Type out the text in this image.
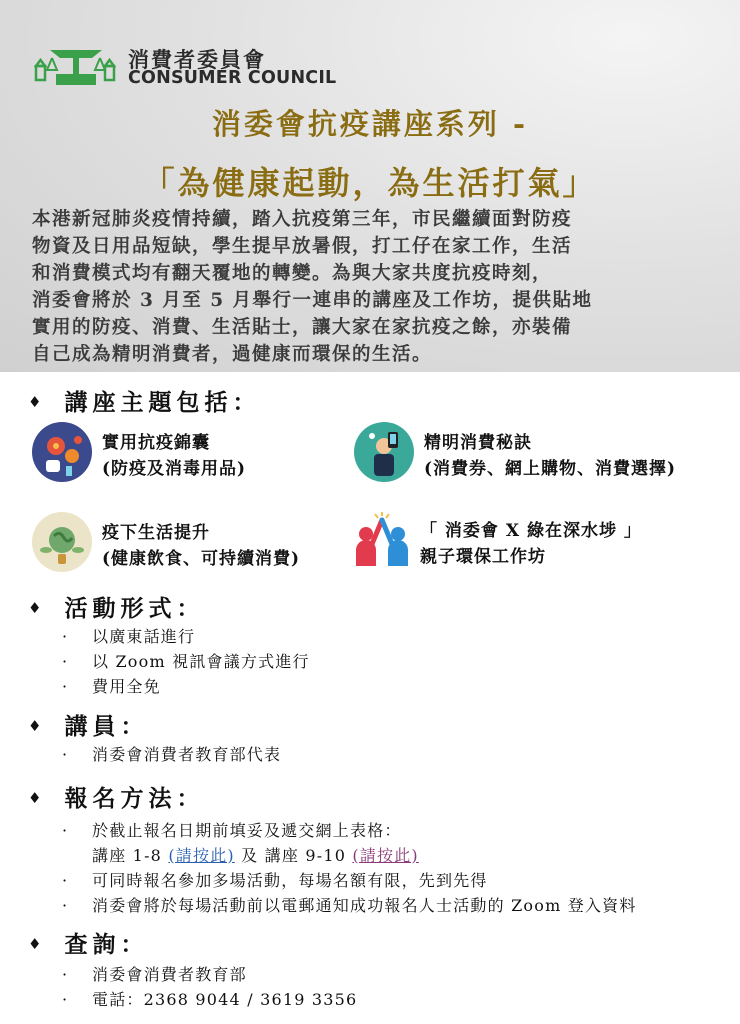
消費者委員會
CONSUMER COUNCIL
消委會抗疫講座系列 -
「為健康起動，為生活打氣」
本港新冠肺炎疫情持續，踏入抗疫第三年，市民繼續面對防疫
物資及日用品短缺，學生提早放暑假，打工仔在家工作，生活
和消費模式均有翻天覆地的轉變。為與大家共度抗疫時刻，
消委會將於 3 月至 5 月舉行一連串的講座及工作坊，提供貼地
實用的防疫、消費、生活貼士，讓大家在家抗疫之餘，亦裝備
自己成為精明消費者，過健康而環保的生活。
♦ 講座主題包括：
實用抗疫錦囊
(防疫及消毒用品)
精明消費秘訣
(消費券、網上購物、消費選擇)
疫下生活提升
(健康飲食、可持續消費)
「 消委會 X 綠在深水埗 」
親子環保工作坊
♦ 活動形式：
· 以廣東話進行
· 以 Zoom 視訊會議方式進行
· 費用全免
♦ 講員：
· 消委會消費者教育部代表
♦ 報名方法：
· 於截止報名日期前填妥及遞交網上表格：
講座 1-8 (請按此) 及 講座 9-10 (請按此)
· 可同時報名參加多場活動，每場名額有限，先到先得
· 消委會將於每場活動前以電郵通知成功報名人士活動的 Zoom 登入資料
♦ 查詢：
· 消委會消費者教育部
· 電話：2368 9044 / 3619 3356
